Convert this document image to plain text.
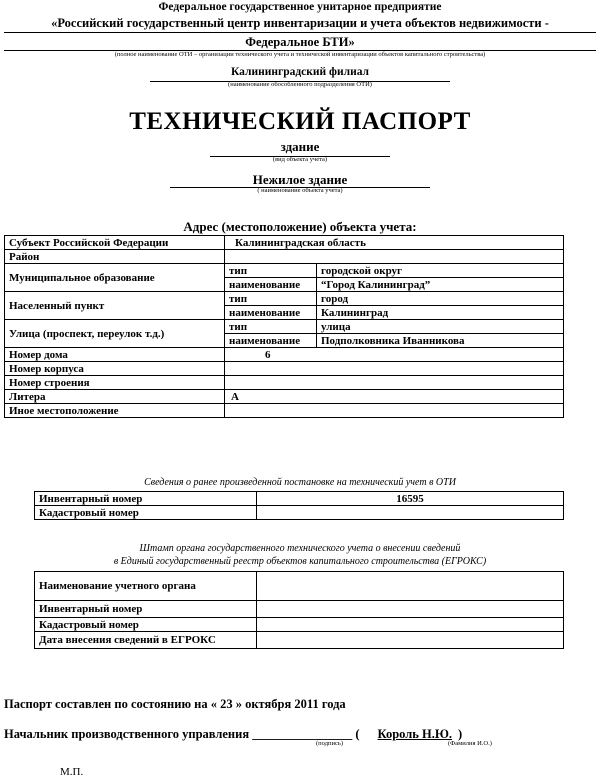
Федеральное государственное унитарное предприятие
«Российский государственный центр инвентаризации и учета объектов недвижимости -
Федеральное БТИ»
(полное наименование ОТИ – организации технического учета и технической инвентаризации объектов капитального строительства)
Калининградский филиал
(наименование обособленного подразделения ОТИ)
ТЕХНИЧЕСКИЙ ПАСПОРТ
здание
(вид объекта учета)
Нежилое здание
( наименование объекта учета)
Адрес (местоположение) объекта учета:
Субъект Российской Федерации	Калининградская область	
Район		
Муниципальное образование	тип	городской округ
	наименование	“Город Калининград”
Населенный пункт	тип	город
	наименование	Калининград
Улица (проспект, переулок т.д.)	тип	улица
	наименование	Подполковника Иванникова
Номер дома	6	
Номер корпуса		
Номер строения		
Литера	А	
Иное местоположение		
Сведения о ранее произведенной постановке на технический учет в ОТИ
Инвентарный номер	16595
Кадастровый номер	
Штамп органа государственного технического учета о внесении сведений
в Единый государственный реестр объектов капитального строительства (ЕГРОКС)
Наименование учетного органа	
Инвентарный номер	
Кадастровый номер	
Дата внесения сведений в ЕГРОКС	
Паспорт составлен по состоянию на « 23 » октября 2011 года
Начальник производственного управления ________________ ( Король Н.Ю. )
(подпись)	(Фамилия И.О.)
М.П.
